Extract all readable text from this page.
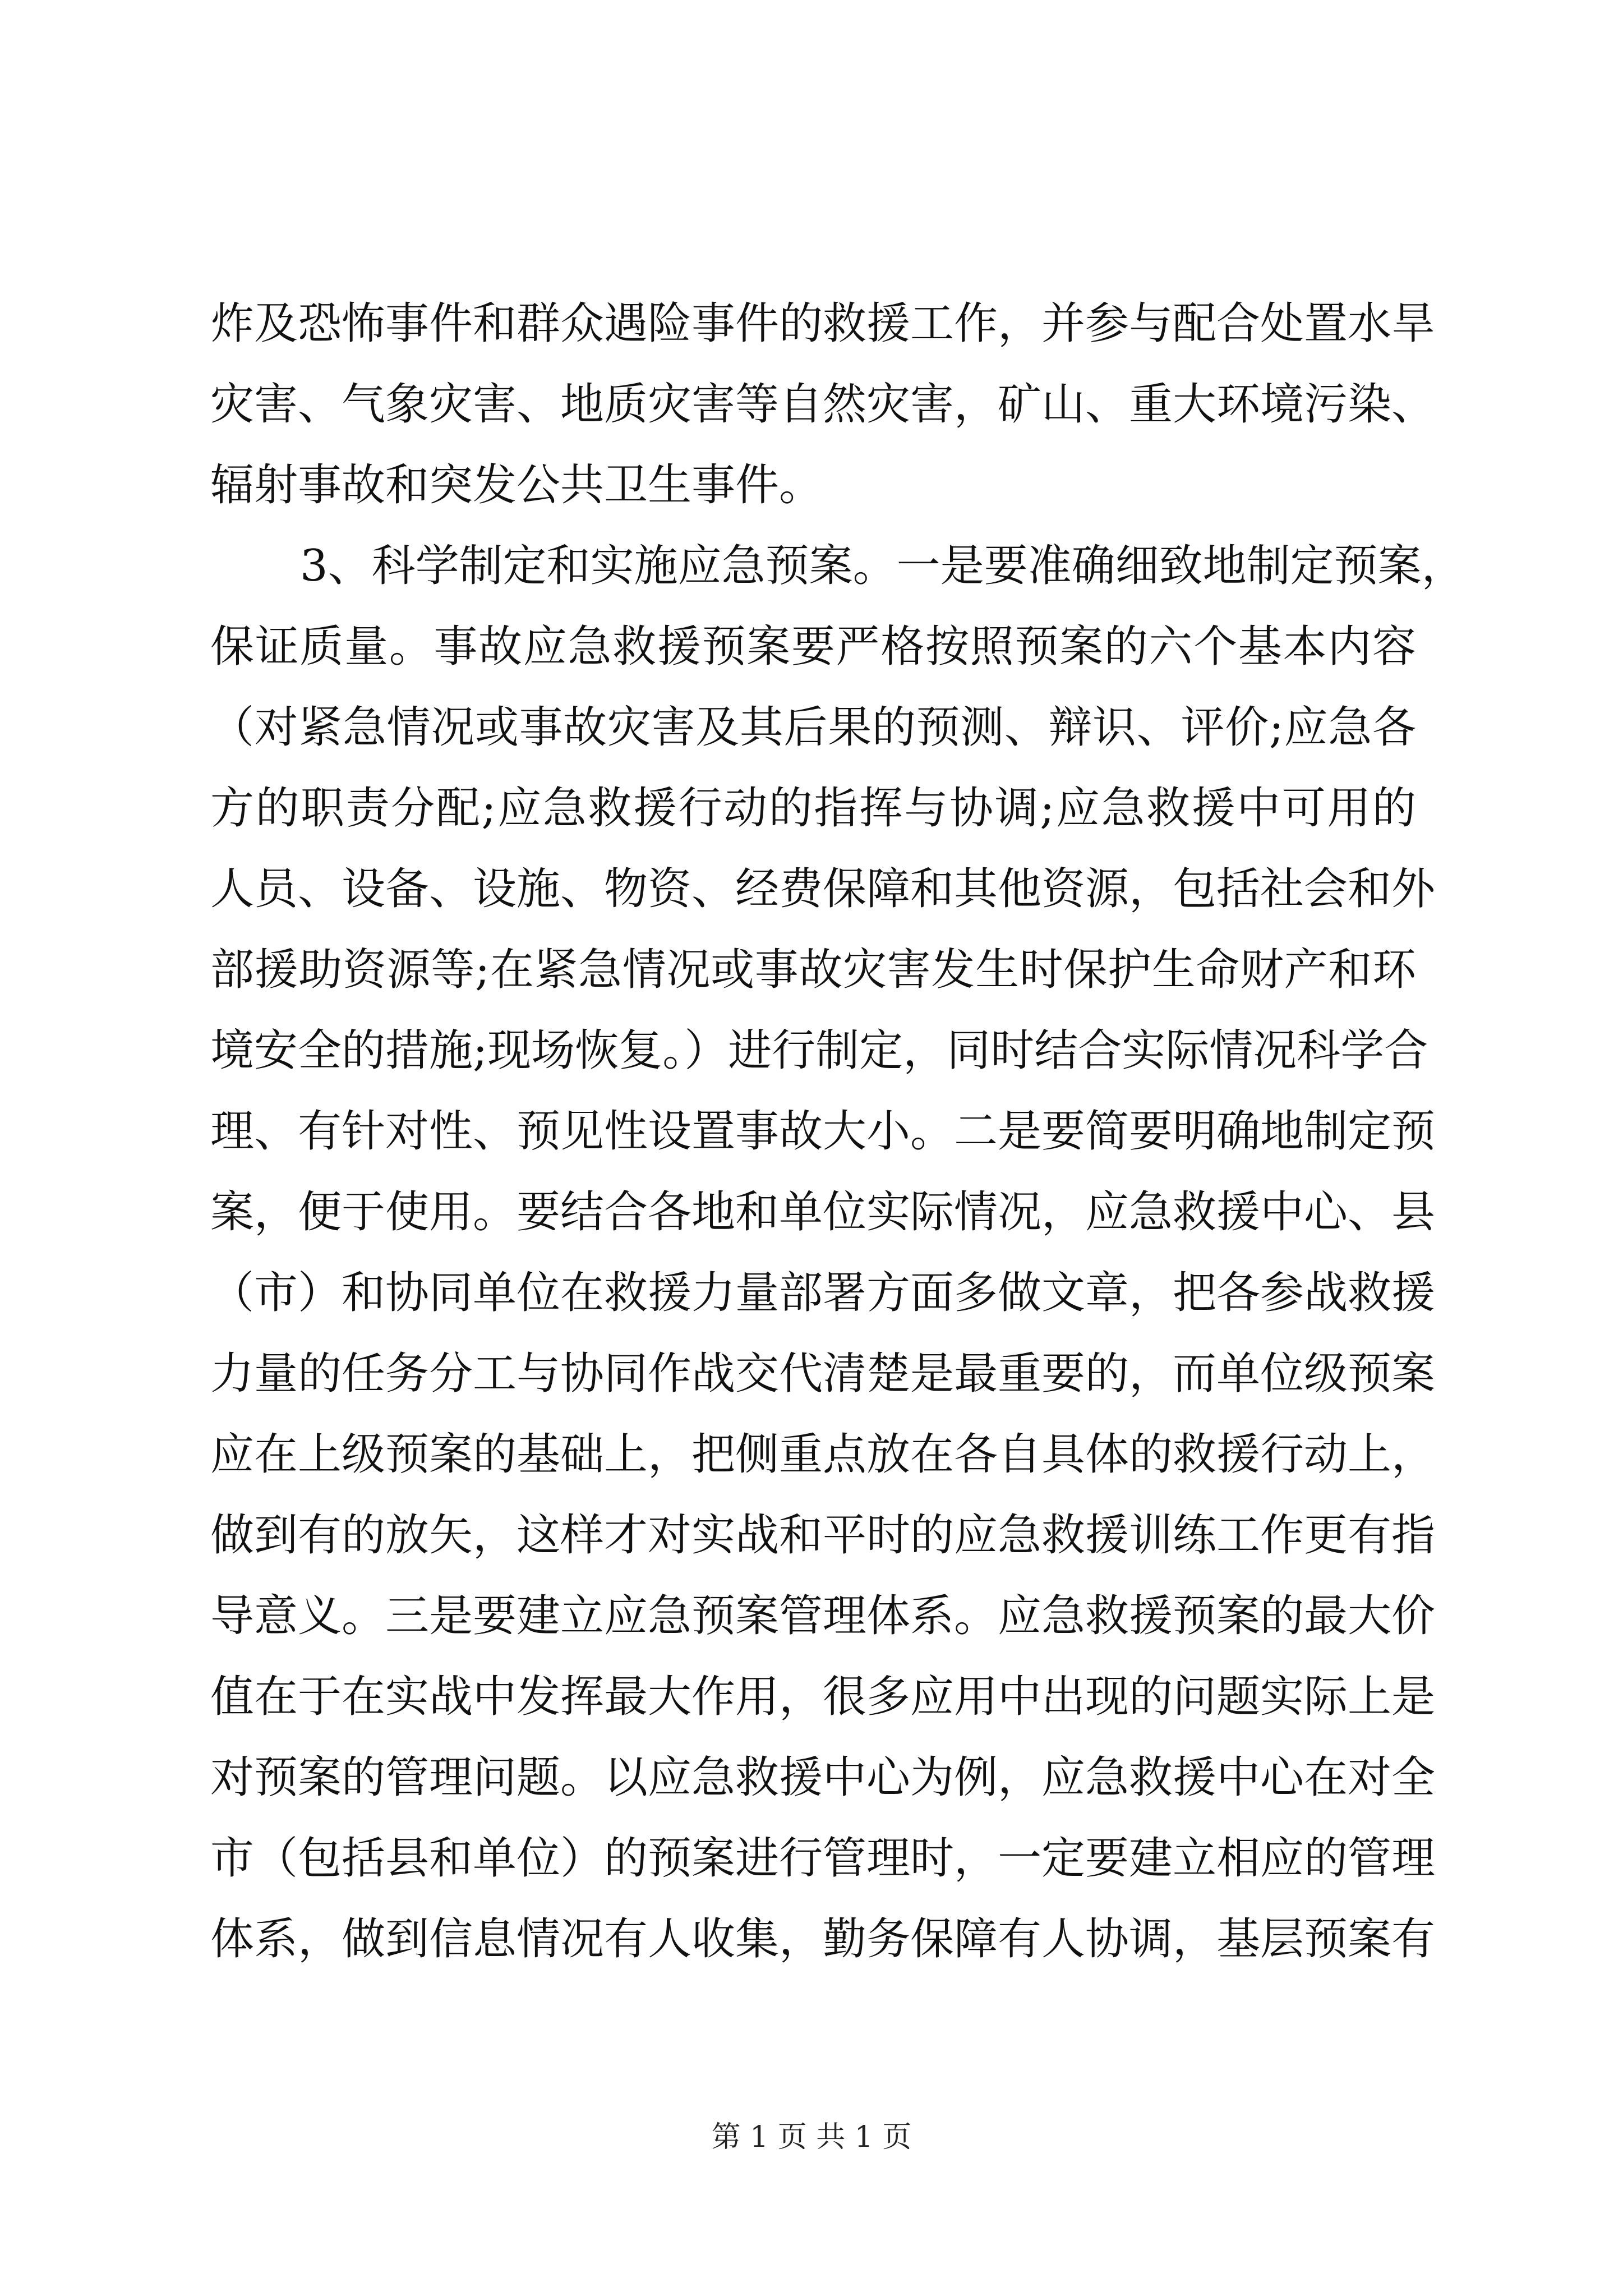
炸及恐怖事件和群众遇险事件的救援工作，并参与配合处置水旱
灾害、气象灾害、地质灾害等自然灾害，矿山、重大环境污染、
辐射事故和突发公共卫生事件。
3、科学制定和实施应急预案。一是要准确细致地制定预案，
保证质量。事故应急救援预案要严格按照预案的六个基本内容
（对紧急情况或事故灾害及其后果的预测、辩识、评价;应急各
方的职责分配;应急救援行动的指挥与协调;应急救援中可用的
人员、设备、设施、物资、经费保障和其他资源，包括社会和外
部援助资源等;在紧急情况或事故灾害发生时保护生命财产和环
境安全的措施;现场恢复。）进行制定，同时结合实际情况科学合
理、有针对性、预见性设置事故大小。二是要简要明确地制定预
案，便于使用。要结合各地和单位实际情况，应急救援中心、县
（市）和协同单位在救援力量部署方面多做文章，把各参战救援
力量的任务分工与协同作战交代清楚是最重要的，而单位级预案
应在上级预案的基础上，把侧重点放在各自具体的救援行动上，
做到有的放矢，这样才对实战和平时的应急救援训练工作更有指
导意义。三是要建立应急预案管理体系。应急救援预案的最大价
值在于在实战中发挥最大作用，很多应用中出现的问题实际上是
对预案的管理问题。以应急救援中心为例，应急救援中心在对全
市（包括县和单位）的预案进行管理时，一定要建立相应的管理
体系，做到信息情况有人收集，勤务保障有人协调，基层预案有
第 1 页 共 1 页
